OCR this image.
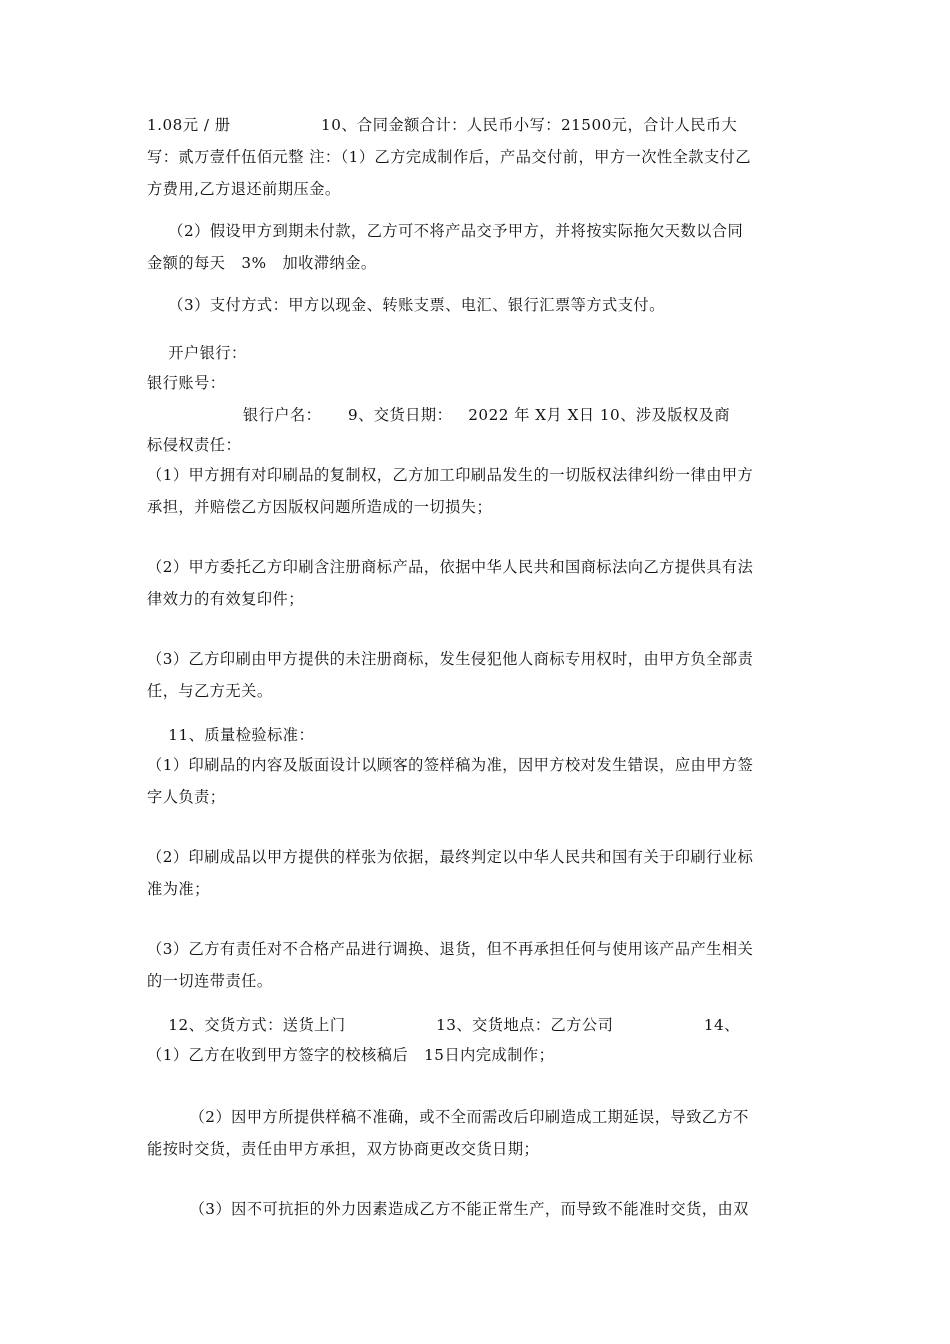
1.08元 / 册                 10、合同金额合计：人民币小写：21500元，合计人民币大
写：贰万壹仟伍佰元整 注：（1）乙方完成制作后，产品交付前，甲方一次性全款支付乙
方费用,乙方退还前期压金。
（2）假设甲方到期未付款，乙方可不将产品交予甲方，并将按实际拖欠天数以合同
金额的每天   3%   加收滞纳金。
（3）支付方式：甲方以现金、转账支票、电汇、银行汇票等方式支付。
开户银行：
银行账号：
银行户名：     9、交货日期：   2022 年 X月 X日 10、涉及版权及商
标侵权责任：
（1）甲方拥有对印刷品的复制权，乙方加工印刷品发生的一切版权法律纠纷一律由甲方
承担，并赔偿乙方因版权问题所造成的一切损失；
（2）甲方委托乙方印刷含注册商标产品，依据中华人民共和国商标法向乙方提供具有法
律效力的有效复印件；
（3）乙方印刷由甲方提供的未注册商标，发生侵犯他人商标专用权时，由甲方负全部责
任，与乙方无关。
11、质量检验标准：
（1）印刷品的内容及版面设计以顾客的签样稿为准，因甲方校对发生错误，应由甲方签
字人负责；
（2）印刷成品以甲方提供的样张为依据，最终判定以中华人民共和国有关于印刷行业标
准为准；
（3）乙方有责任对不合格产品进行调换、退货，但不再承担任何与使用该产品产生相关
的一切连带责任。
12、交货方式：送货上门                 13、交货地点：乙方公司                 14、
（1）乙方在收到甲方签字的校核稿后   15日内完成制作；
（2）因甲方所提供样稿不准确，或不全而需改后印刷造成工期延误，导致乙方不
能按时交货，责任由甲方承担，双方协商更改交货日期；
（3）因不可抗拒的外力因素造成乙方不能正常生产，而导致不能准时交货，由双
